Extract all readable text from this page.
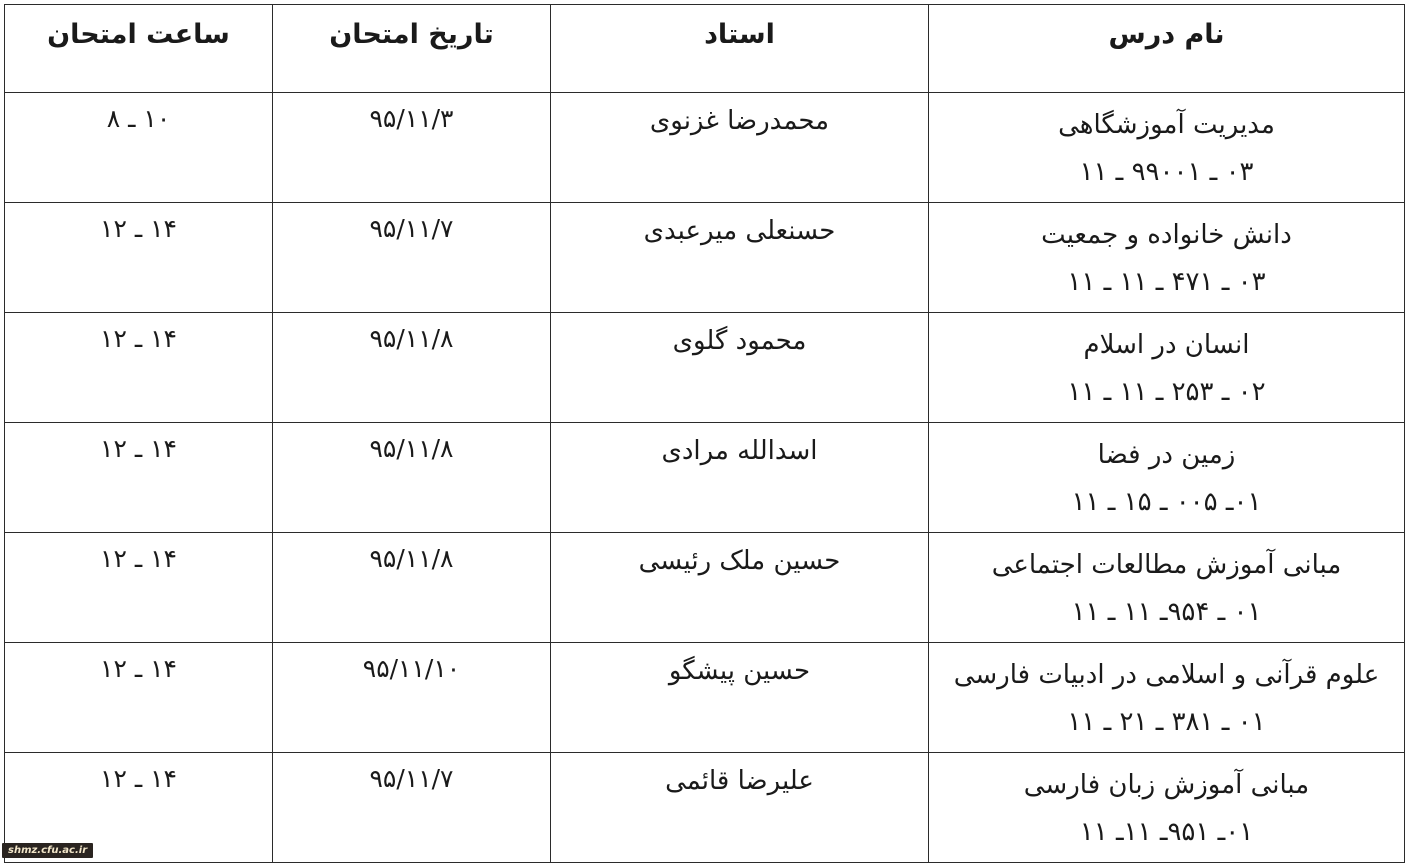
نام درس	استاد	تاریخ امتحان	ساعت امتحان

مدیریت آموزشگاهی
۰۳ ـ ۹۹۰۰۱ ـ ۱۱	محمدرضا غزنوی	۹۵/۱۱/۳	۱۰ ـ ۸

دانش خانواده و جمعیت
۰۳ ـ ۴۷۱ ـ ۱۱ ـ ۱۱	حسنعلی میرعبدی	۹۵/۱۱/۷	۱۴ ـ ۱۲

انسان در اسلام
۰۲ ـ ۲۵۳ ـ ۱۱ ـ ۱۱	محمود گلوی	۹۵/۱۱/۸	۱۴ ـ ۱۲

زمین در فضا
۰۱ـ ۰۰۵ ـ ۱۵ ـ ۱۱	اسدالله مرادی	۹۵/۱۱/۸	۱۴ ـ ۱۲

مبانی آموزش مطالعات اجتماعی
۰۱ ـ ۹۵۴ـ ۱۱ ـ ۱۱	حسین ملک رئیسی	۹۵/۱۱/۸	۱۴ ـ ۱۲

علوم قرآنی و اسلامی در ادبیات فارسی
۰۱ ـ ۳۸۱ ـ ۲۱ ـ ۱۱	حسین پیشگو	۹۵/۱۱/۱۰	۱۴ ـ ۱۲

مبانی آموزش زبان فارسی
۰۱ـ ۹۵۱ـ ۱۱ـ ۱۱	علیرضا قائمی	۹۵/۱۱/۷	۱۴ ـ ۱۲
shmz.cfu.ac.ir
